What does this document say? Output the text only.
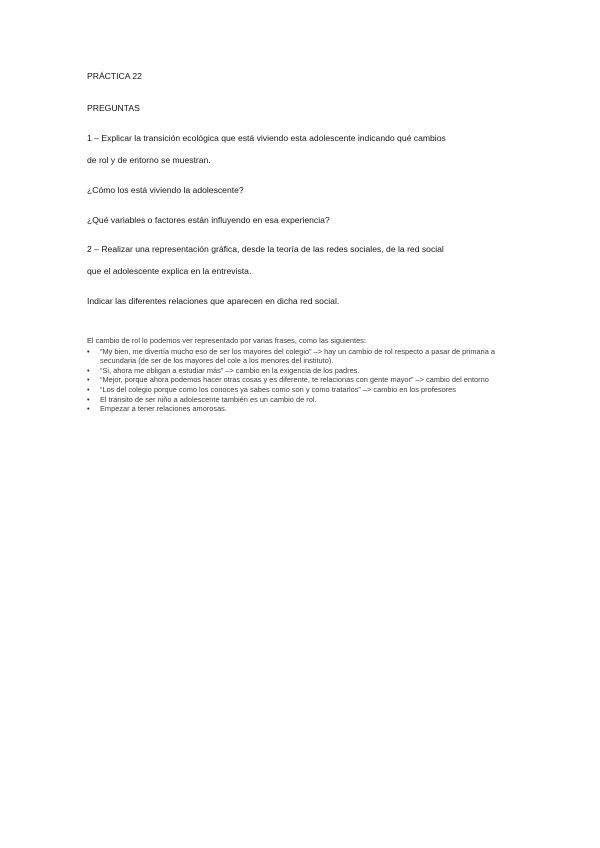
PRÁCTICA 22
PREGUNTAS
1 – Explicar la transición ecológica que está viviendo esta adolescente indicando qué cambios
de rol y de entorno se muestran.
¿Cómo los está viviendo la adolescente?
¿Qué variables o factores están influyendo en esa experiencia?
2 – Realizar una representación gráfica, desde la teoría de las redes sociales, de la red social
que el adolescente explica en la entrevista.
Indicar las diferentes relaciones que aparecen en dicha red social.

El cambio de rol lo podemos ver representado por varias frases, como las siguientes:

• “My bien, me divertía mucho eso de ser los mayores del colegio” –> hay un cambio de rol respecto a pasar de primaria a secundaria (de ser de los mayores del cole a los menores del instituto).
• “Si, ahora me obligan a estudiar más” –> cambio en la exigencia de los padres.
• “Mejor, porque ahora podemos hacer otras cosas y es diferente, te relacionas con gente mayor” –> cambio del entorno
• “Los del colegio porque como los conoces ya sabes como son y como tratarlos” –> cambio en los profesores
• El tránsito de ser niño a adolescente también es un cambio de rol.
• Empezar a tener relaciones amorosas.
